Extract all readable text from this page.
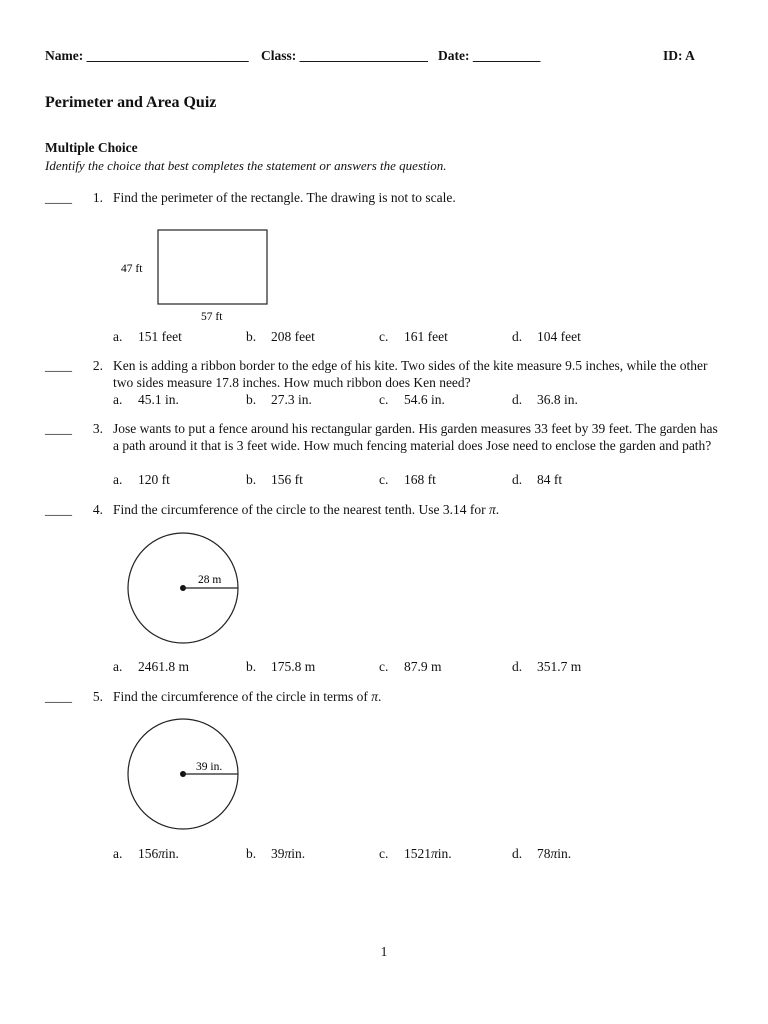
Name: ________________________ Class: ___________________ Date: __________	ID: A
Perimeter and Area Quiz
Multiple Choice
Identify the choice that best completes the statement or answers the question.
____	1. Find the perimeter of the rectangle. The drawing is not to scale.
47 ft
57 ft
a.	151 feet	b.	208 feet	c.	161 feet	d.	104 feet
____	2. Ken is adding a ribbon border to the edge of his kite. Two sides of the kite measure 9.5 inches, while the other two sides measure 17.8 inches. How much ribbon does Ken need?
a.	45.1 in.	b.	27.3 in.	c.	54.6 in.	d.	36.8 in.
____	3. Jose wants to put a fence around his rectangular garden. His garden measures 33 feet by 39 feet. The garden has a path around it that is 3 feet wide. How much fencing material does Jose need to enclose the garden and path?
a.	120 ft	b.	156 ft	c.	168 ft	d.	84 ft
____	4. Find the circumference of the circle to the nearest tenth. Use 3.14 for π.
28 m
a.	2461.8 m	b.	175.8 m	c.	87.9 m	d.	351.7 m
____	5. Find the circumference of the circle in terms of π.
39 in.
a.	156πin.	b.	39πin.	c.	1521πin.	d.	78πin.
1
